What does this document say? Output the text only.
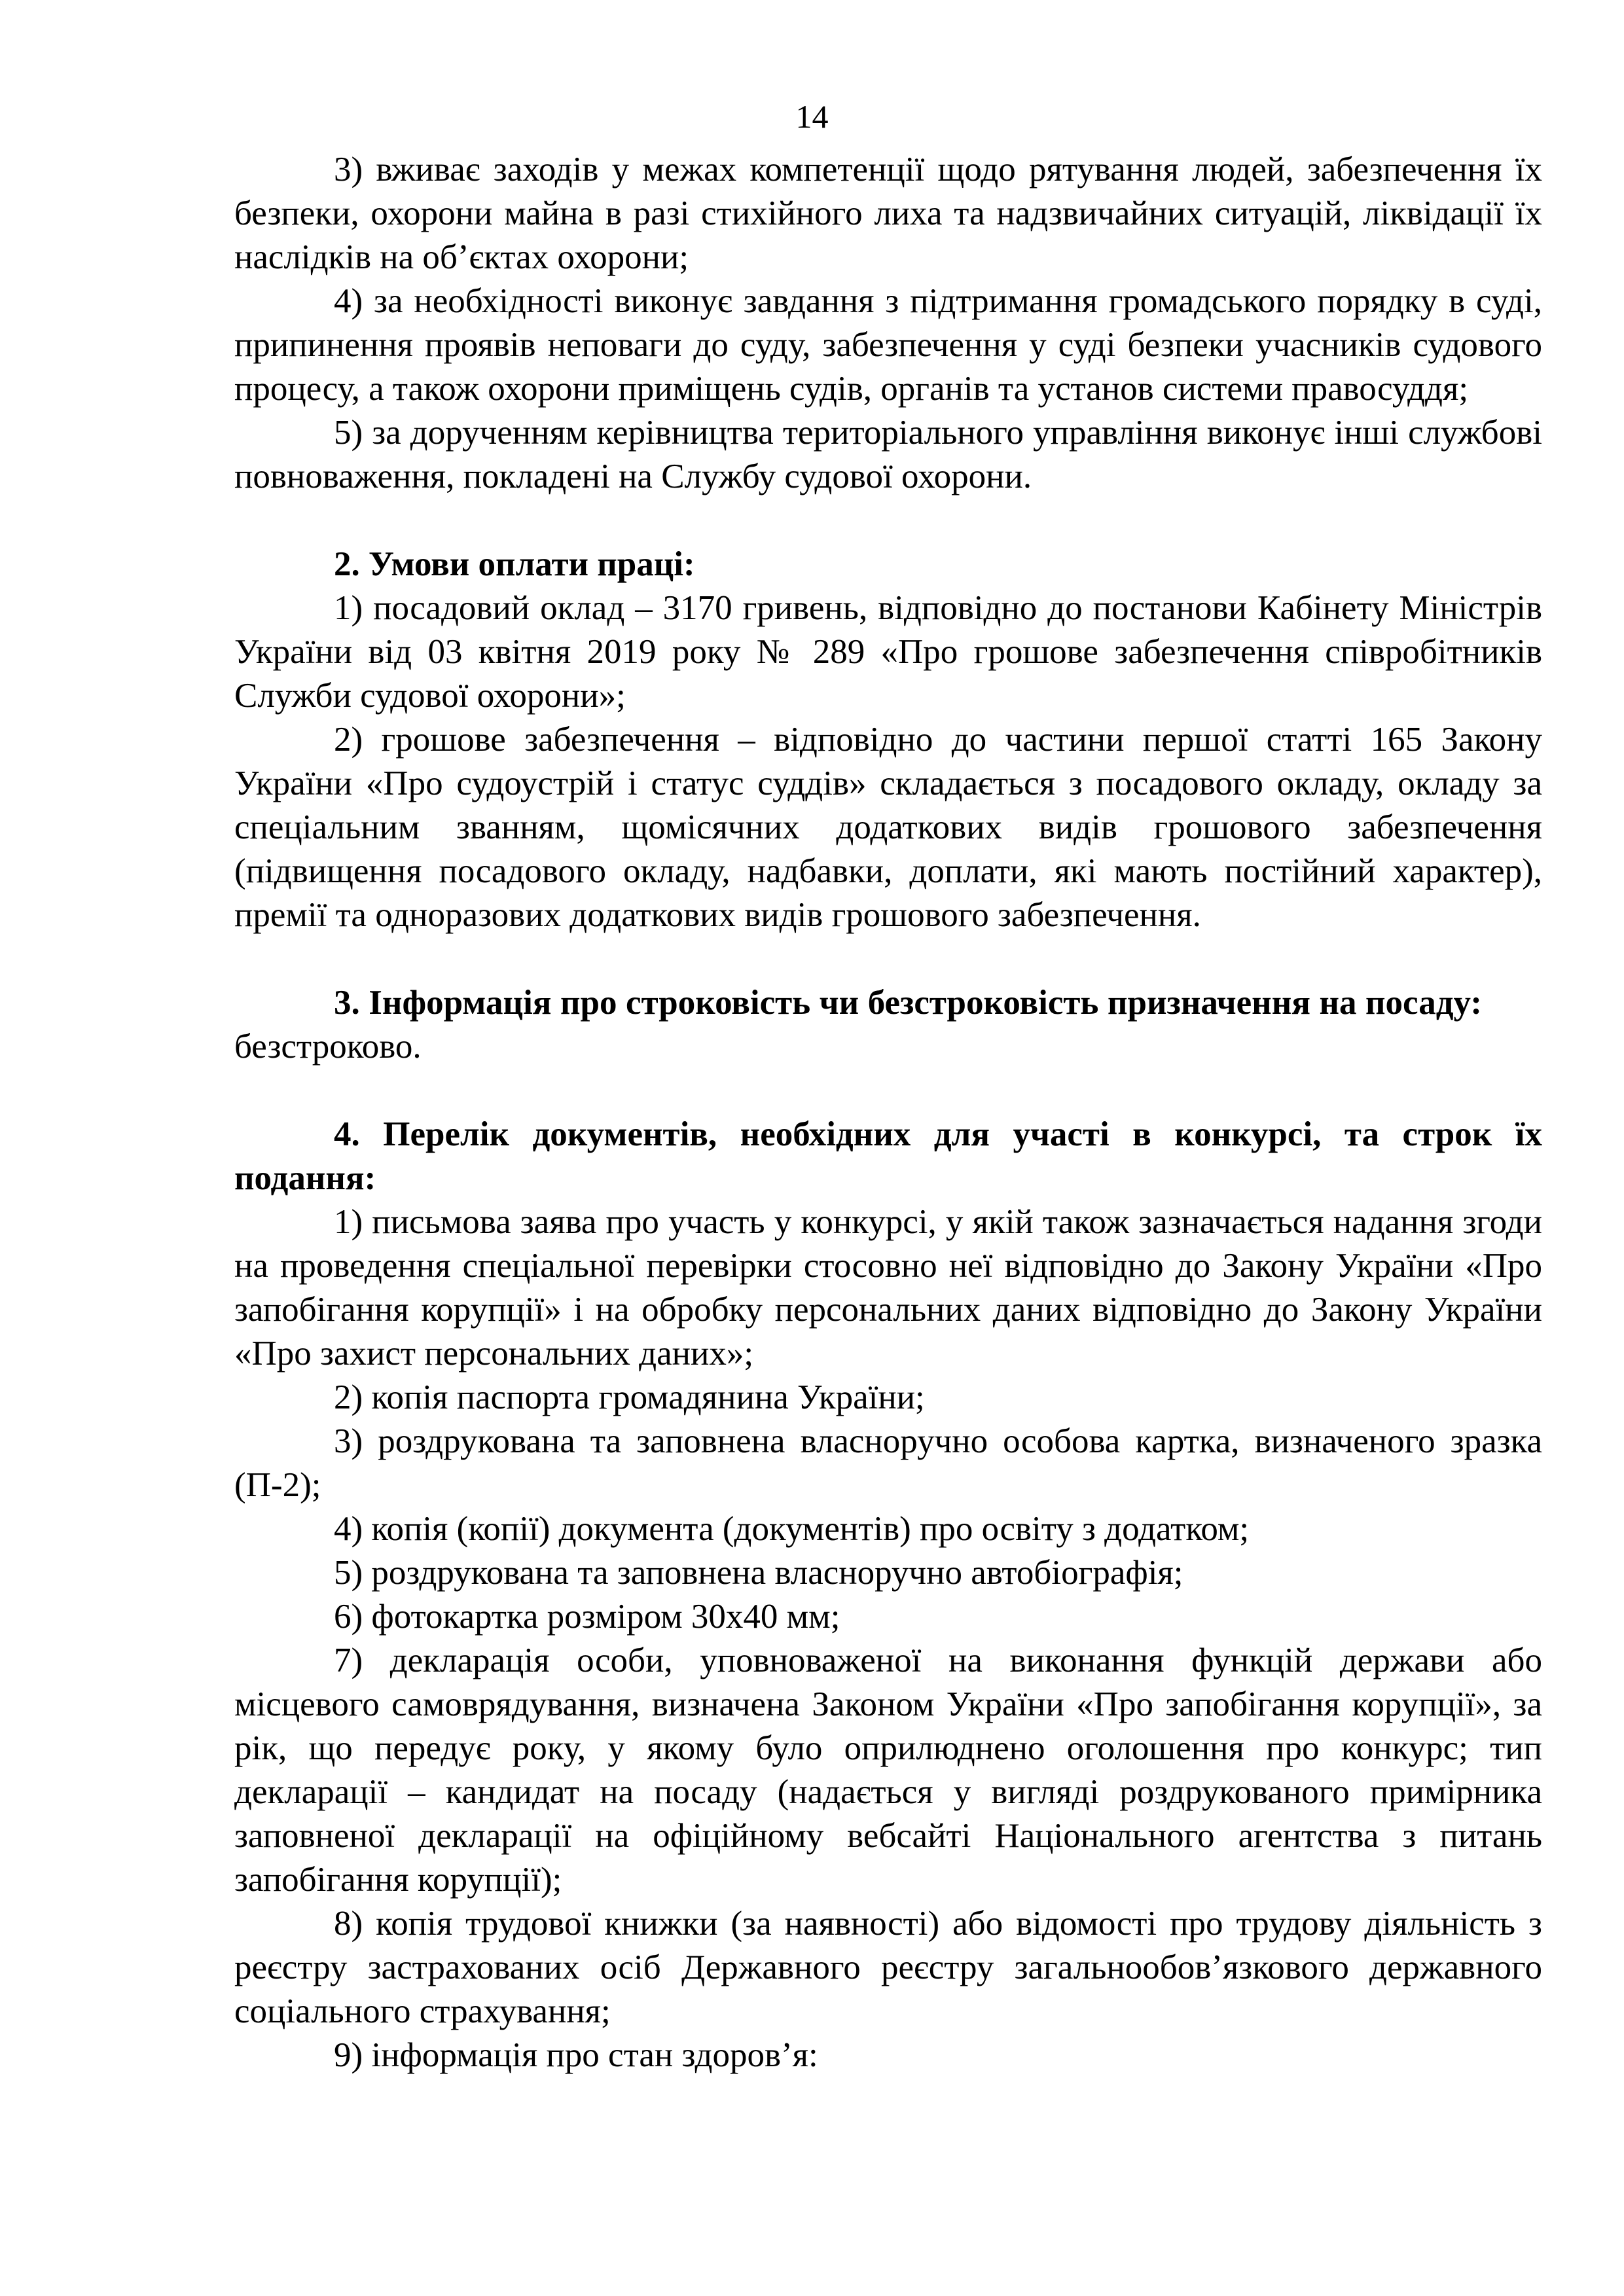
14

3) вживає заходів у межах компетенції щодо рятування людей, забезпечення їх безпеки, охорони майна в разі стихійного лиха та надзвичайних ситуацій, ліквідації їх наслідків на об’єктах охорони;

4) за необхідності виконує завдання з підтримання громадського порядку в суді, припинення проявів неповаги до суду, забезпечення у суді безпеки учасників судового процесу, а також охорони приміщень судів, органів та установ системи правосуддя;

5) за дорученням керівництва територіального управління виконує інші службові повноваження, покладені на Службу судової охорони.

2. Умови оплати праці:

1) посадовий оклад – 3170 гривень, відповідно до постанови Кабінету Міністрів України від 03 квітня 2019 року № 289 «Про грошове забезпечення співробітників Служби судової охорони»;

2) грошове забезпечення – відповідно до частини першої статті 165 Закону України «Про судоустрій і статус суддів» складається з посадового окладу, окладу за спеціальним званням, щомісячних додаткових видів грошового забезпечення (підвищення посадового окладу, надбавки, доплати, які мають постійний характер), премії та одноразових додаткових видів грошового забезпечення.

3. Інформація про строковість чи безстроковість призначення на посаду:безстроково.

4. Перелік документів, необхідних для участі в конкурсі, та строк їх подання:

1) письмова заява про участь у конкурсі, у якій також зазначається надання згоди на проведення спеціальної перевірки стосовно неї відповідно до Закону України «Про запобігання корупції» і на обробку персональних даних відповідно до Закону України «Про захист персональних даних»;

2) копія паспорта громадянина України;

3) роздрукована та заповнена власноручно особова картка, визначеного зразка (П-2);

4) копія (копії) документа (документів) про освіту з додатком;

5) роздрукована та заповнена власноручно автобіографія;

6) фотокартка розміром 30х40 мм;

7) декларація особи, уповноваженої на виконання функцій держави або місцевого самоврядування, визначена Законом України «Про запобігання корупції», за рік, що передує року, у якому було оприлюднено оголошення про конкурс; тип декларації – кандидат на посаду (надається у вигляді роздрукованого примірника заповненої декларації на офіційному вебсайті Національного агентства з питань запобігання корупції);

8) копія трудової книжки (за наявності) або відомості про трудову діяльність з реєстру застрахованих осіб Державного реєстру загальнообов’язкового державного соціального страхування;

9) інформація про стан здоров’я:
